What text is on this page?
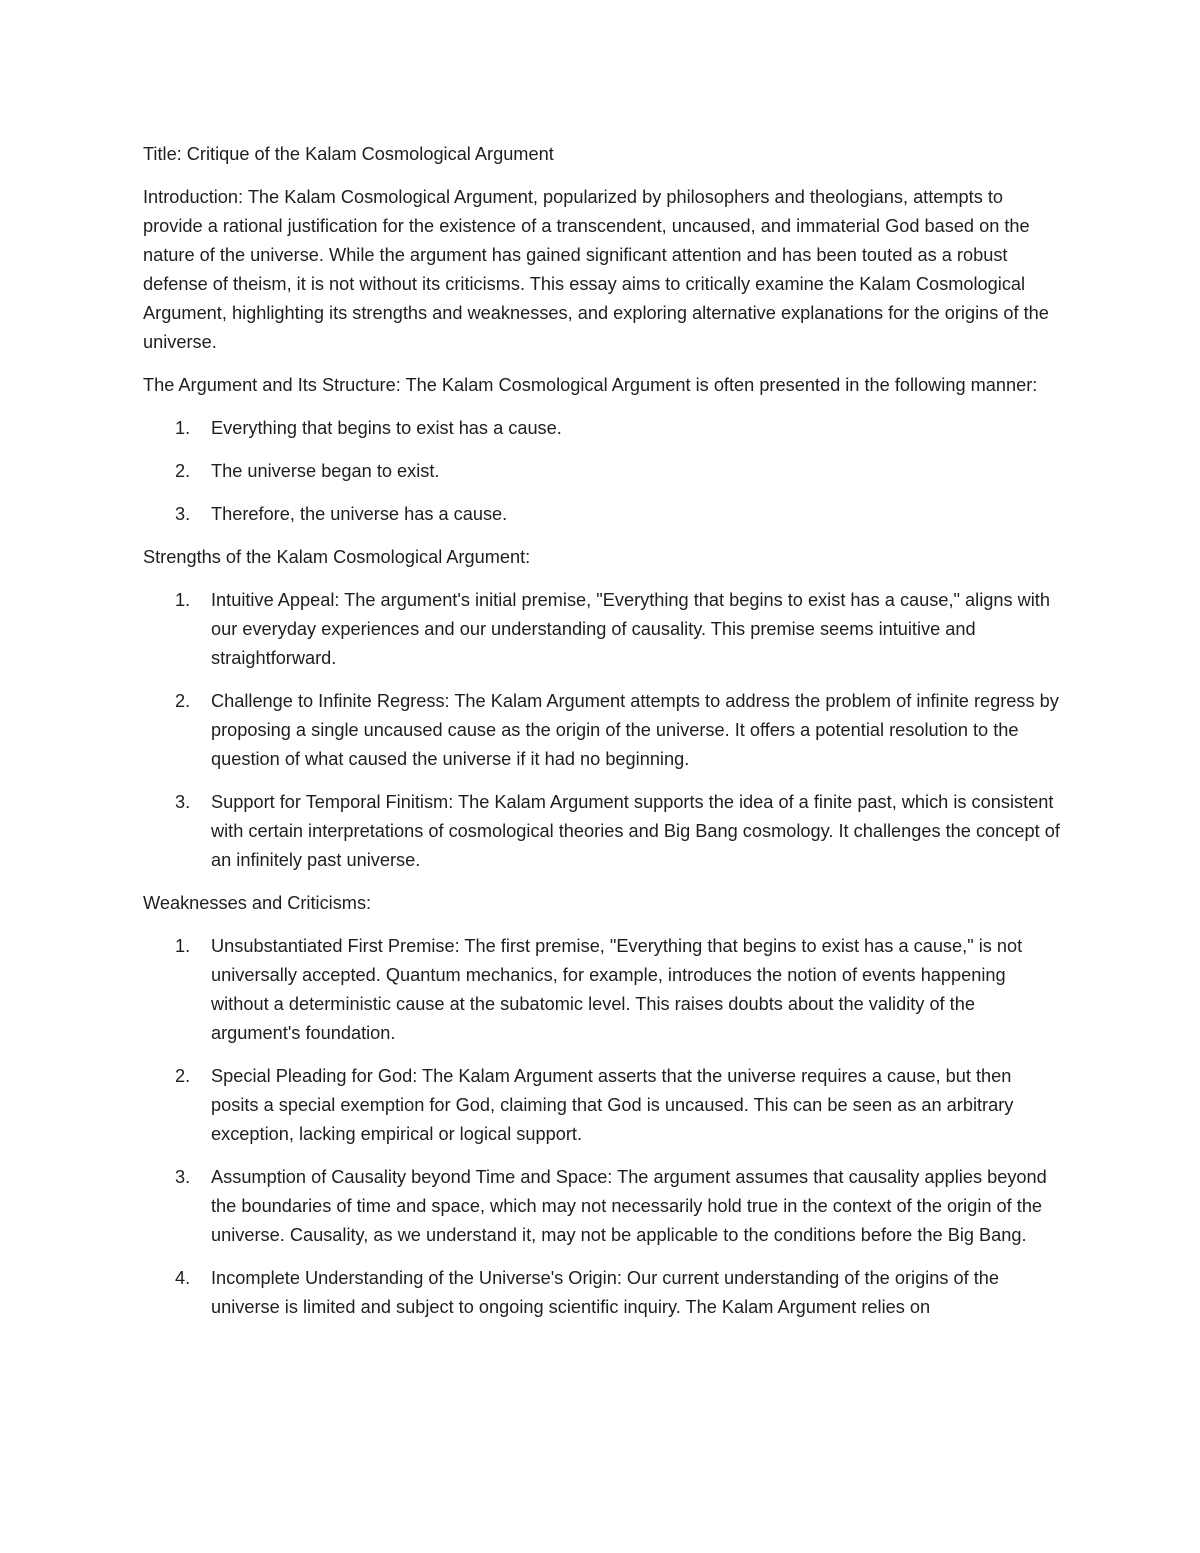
Title: Critique of the Kalam Cosmological Argument

Introduction: The Kalam Cosmological Argument, popularized by philosophers and theologians, attempts to provide a rational justification for the existence of a transcendent, uncaused, and immaterial God based on the nature of the universe. While the argument has gained significant attention and has been touted as a robust defense of theism, it is not without its criticisms. This essay aims to critically examine the Kalam Cosmological Argument, highlighting its strengths and weaknesses, and exploring alternative explanations for the origins of the universe.

The Argument and Its Structure: The Kalam Cosmological Argument is often presented in the following manner:

1. Everything that begins to exist has a cause.
2. The universe began to exist.
3. Therefore, the universe has a cause.

Strengths of the Kalam Cosmological Argument:

1. Intuitive Appeal: The argument's initial premise, "Everything that begins to exist has a cause," aligns with our everyday experiences and our understanding of causality. This premise seems intuitive and straightforward.
2. Challenge to Infinite Regress: The Kalam Argument attempts to address the problem of infinite regress by proposing a single uncaused cause as the origin of the universe. It offers a potential resolution to the question of what caused the universe if it had no beginning.
3. Support for Temporal Finitism: The Kalam Argument supports the idea of a finite past, which is consistent with certain interpretations of cosmological theories and Big Bang cosmology. It challenges the concept of an infinitely past universe.

Weaknesses and Criticisms:

1. Unsubstantiated First Premise: The first premise, "Everything that begins to exist has a cause," is not universally accepted. Quantum mechanics, for example, introduces the notion of events happening without a deterministic cause at the subatomic level. This raises doubts about the validity of the argument's foundation.
2. Special Pleading for God: The Kalam Argument asserts that the universe requires a cause, but then posits a special exemption for God, claiming that God is uncaused. This can be seen as an arbitrary exception, lacking empirical or logical support.
3. Assumption of Causality beyond Time and Space: The argument assumes that causality applies beyond the boundaries of time and space, which may not necessarily hold true in the context of the origin of the universe. Causality, as we understand it, may not be applicable to the conditions before the Big Bang.
4. Incomplete Understanding of the Universe's Origin: Our current understanding of the origins of the universe is limited and subject to ongoing scientific inquiry. The Kalam Argument relies on
